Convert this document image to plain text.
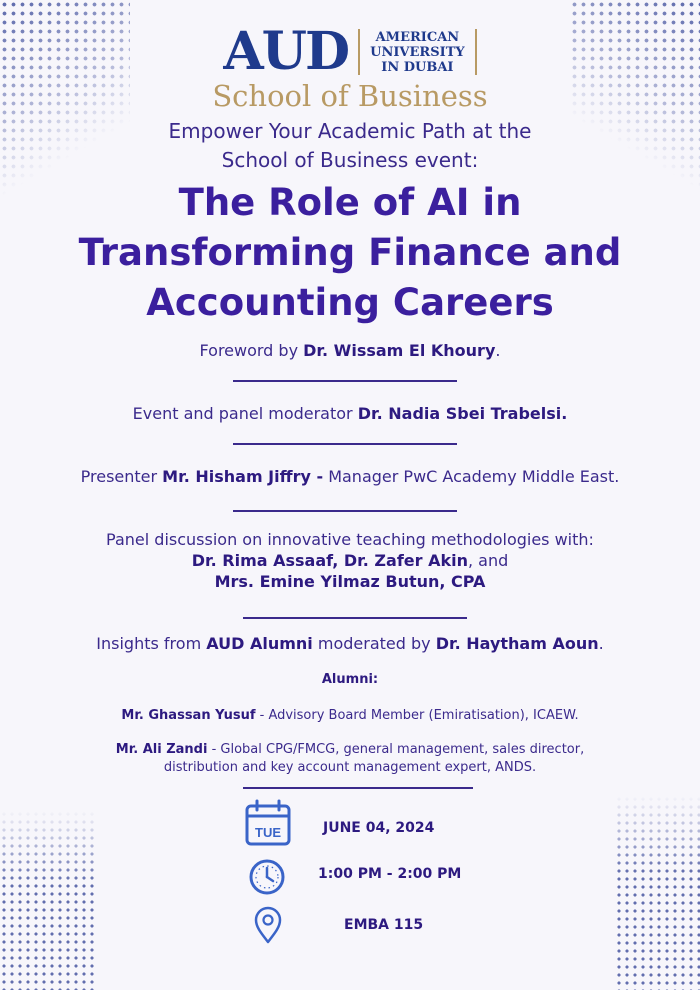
AUD	AMERICAN
UNIVERSITY
IN DUBAI
School of Business
Empower Your Academic Path at the
School of Business event:
The Role of AI in
Transforming Finance and
Accounting Careers
Foreword by Dr. Wissam El Khoury.
Event and panel moderator Dr. Nadia Sbei Trabelsi.
Presenter Mr. Hisham Jiffry - Manager PwC Academy Middle East.
Panel discussion on innovative teaching methodologies with:
Dr. Rima Assaaf, Dr. Zafer Akin, and
Mrs. Emine Yilmaz Butun, CPA
Insights from AUD Alumni moderated by Dr. Haytham Aoun.
Alumni:
Mr. Ghassan Yusuf - Advisory Board Member (Emiratisation), ICAEW.
Mr. Ali Zandi - Global CPG/FMCG, general management, sales director,
distribution and key account management expert, ANDS.
TUE	JUNE 04, 2024
1:00 PM - 2:00 PM
EMBA 115
